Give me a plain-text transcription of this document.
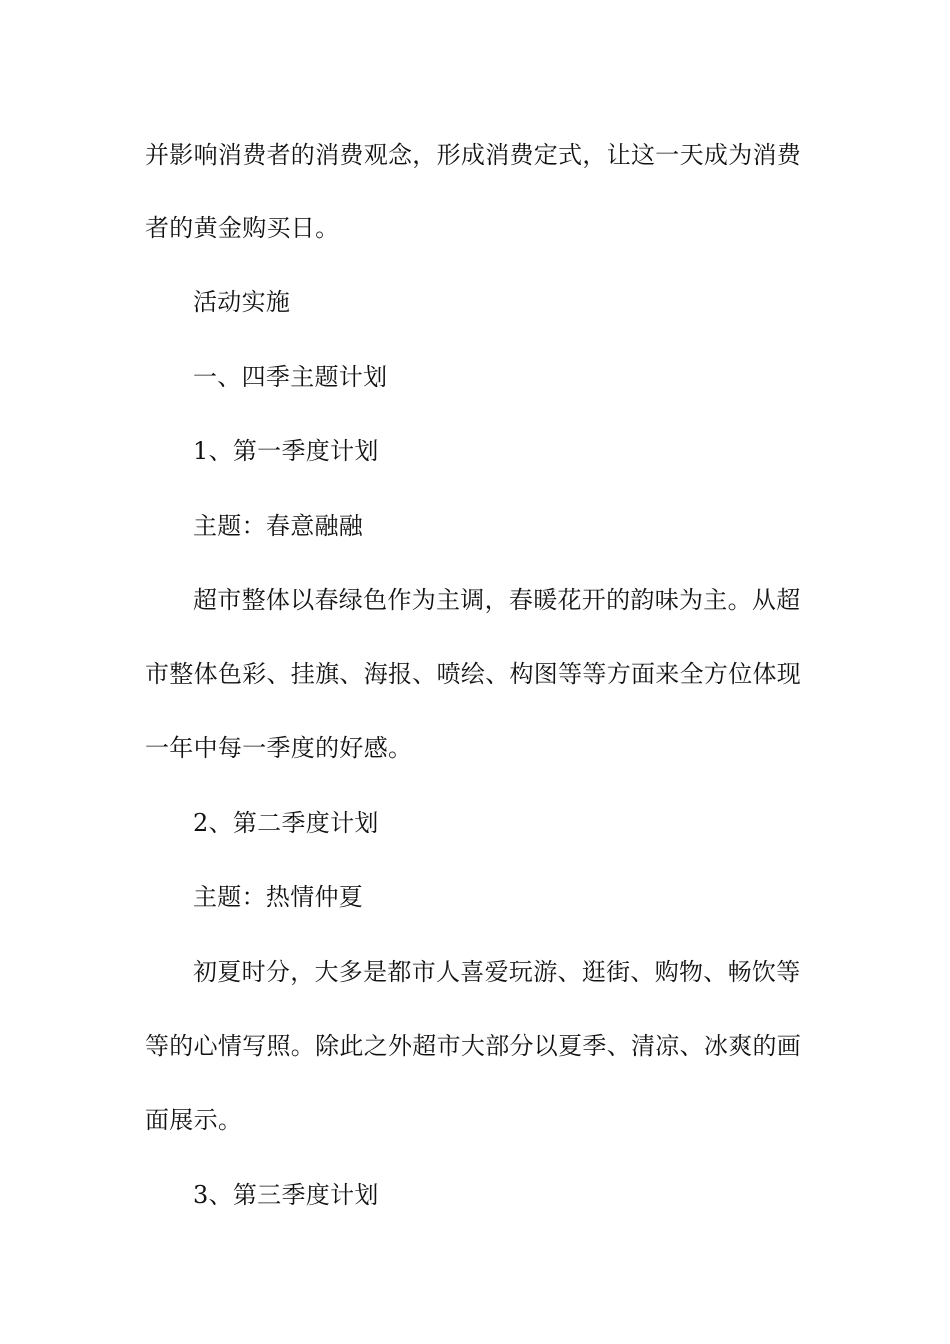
并影响消费者的消费观念，形成消费定式，让这一天成为消费
者的黄金购买日。
活动实施
一、四季主题计划
1、第一季度计划
主题：春意融融
超市整体以春绿色作为主调，春暖花开的韵味为主。从超
市整体色彩、挂旗、海报、喷绘、构图等等方面来全方位体现
一年中每一季度的好感。
2、第二季度计划
主题：热情仲夏
初夏时分，大多是都市人喜爱玩游、逛街、购物、畅饮等
等的心情写照。除此之外超市大部分以夏季、清凉、冰爽的画
面展示。
3、第三季度计划
